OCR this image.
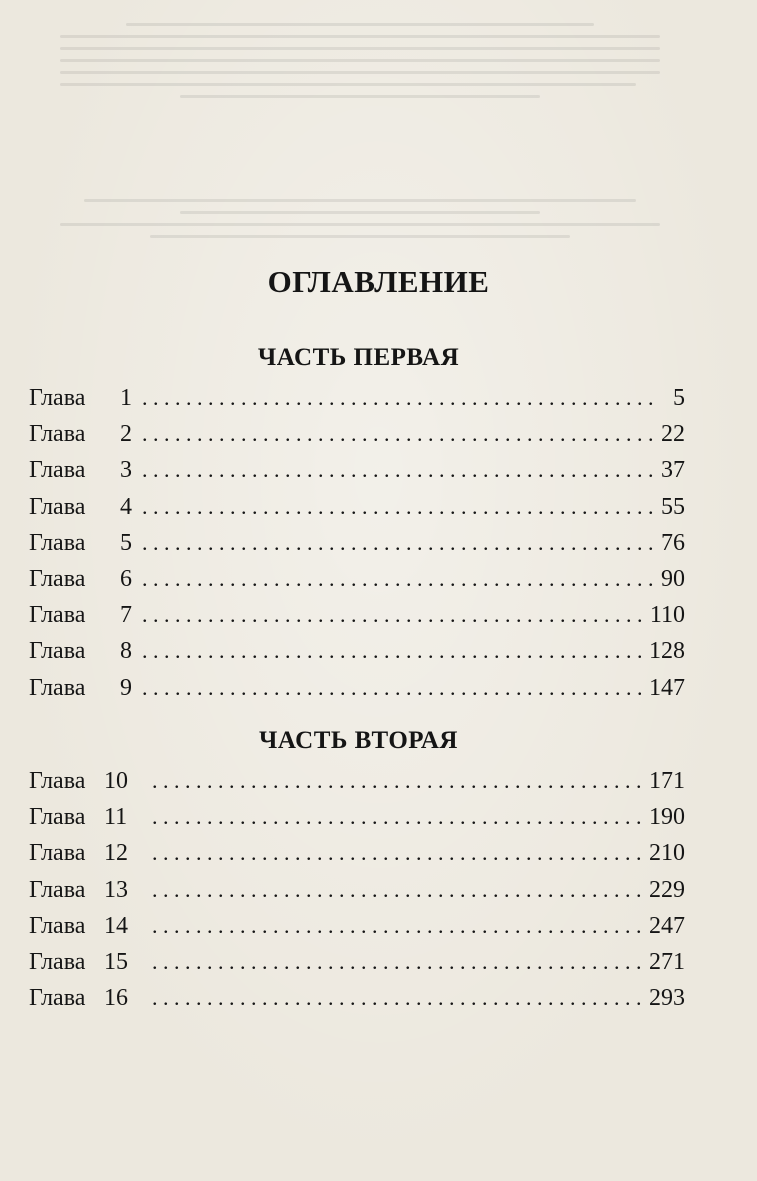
ОГЛАВЛЕНИЕ
ЧАСТЬ ПЕРВАЯ
Глава 1 . . .	5
Глава 2 . . .	22
Глава 3 . . .	37
Глава 4 . . .	55
Глава 5 . . .	76
Глава 6 . . .	90
Глава 7 . . .	110
Глава 8 . . .	128
Глава 9 . . .	147
ЧАСТЬ ВТОРАЯ
Глава 10 . . .	171
Глава 11 . . .	190
Глава 12 . . .	210
Глава 13 . . .	229
Глава 14 . . .	247
Глава 15 . . .	271
Глава 16 . . .	293
